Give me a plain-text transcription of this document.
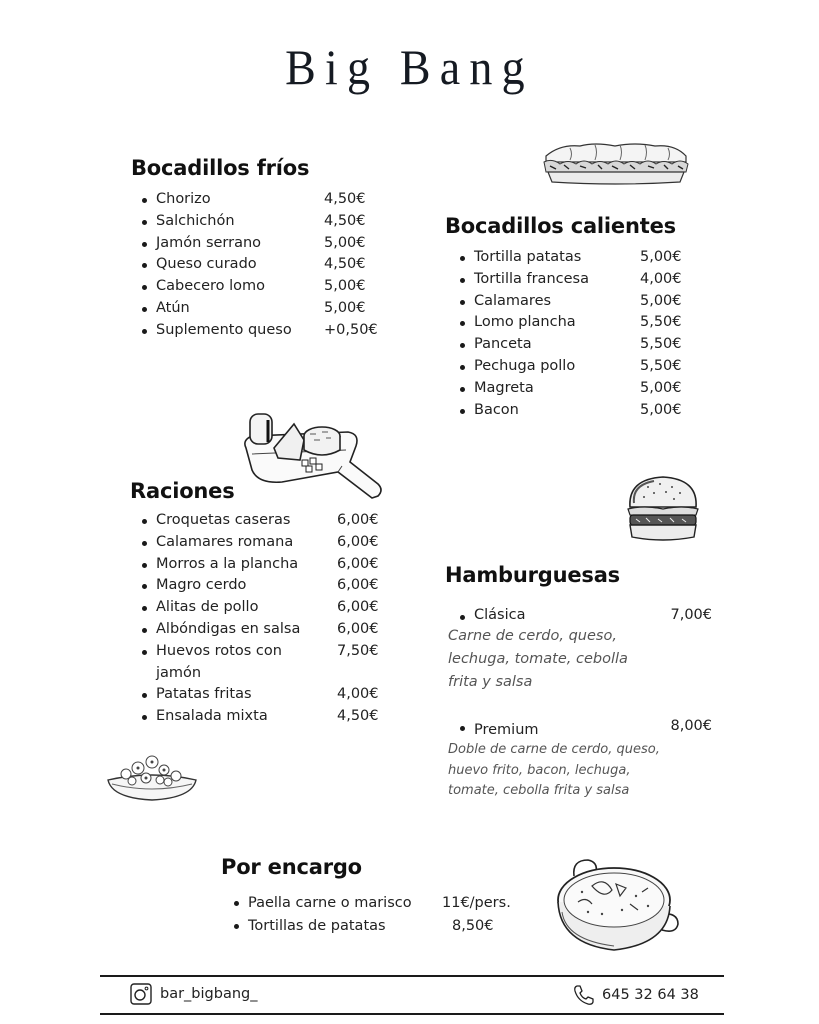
Big Bang
Bocadillos fríos
Chorizo	4,50€
Salchichón	4,50€
Jamón serrano	5,00€
Queso curado	4,50€
Cabecero lomo	5,00€
Atún	5,00€
Suplemento queso +0,50€
Bocadillos calientes
Tortilla patatas	5,00€
Tortilla francesa	4,00€
Calamares	5,00€
Lomo plancha	5,50€
Panceta	5,50€
Pechuga pollo	5,50€
Magreta	5,00€
Bacon	5,00€
Raciones
Croquetas caseras	6,00€
Calamares romana	6,00€
Morros a la plancha	6,00€
Magro cerdo	6,00€
Alitas de pollo	6,00€
Albóndigas en salsa	6,00€
Huevos rotos con jamón
7,50€
Patatas fritas	4,00€
Ensalada mixta	4,50€
Hamburguesas
Clásica	7,00€
Carne de cerdo, queso, lechuga, tomate, cebolla frita y salsa
Premium	8,00€
Doble de carne de cerdo, queso, huevo frito, bacon, lechuga, tomate, cebolla frita y salsa
Por encargo
Paella carne o marisco 11€/pers.
Tortillas de patatas	8,50€
bar_bigbang_	645 32 64 38
